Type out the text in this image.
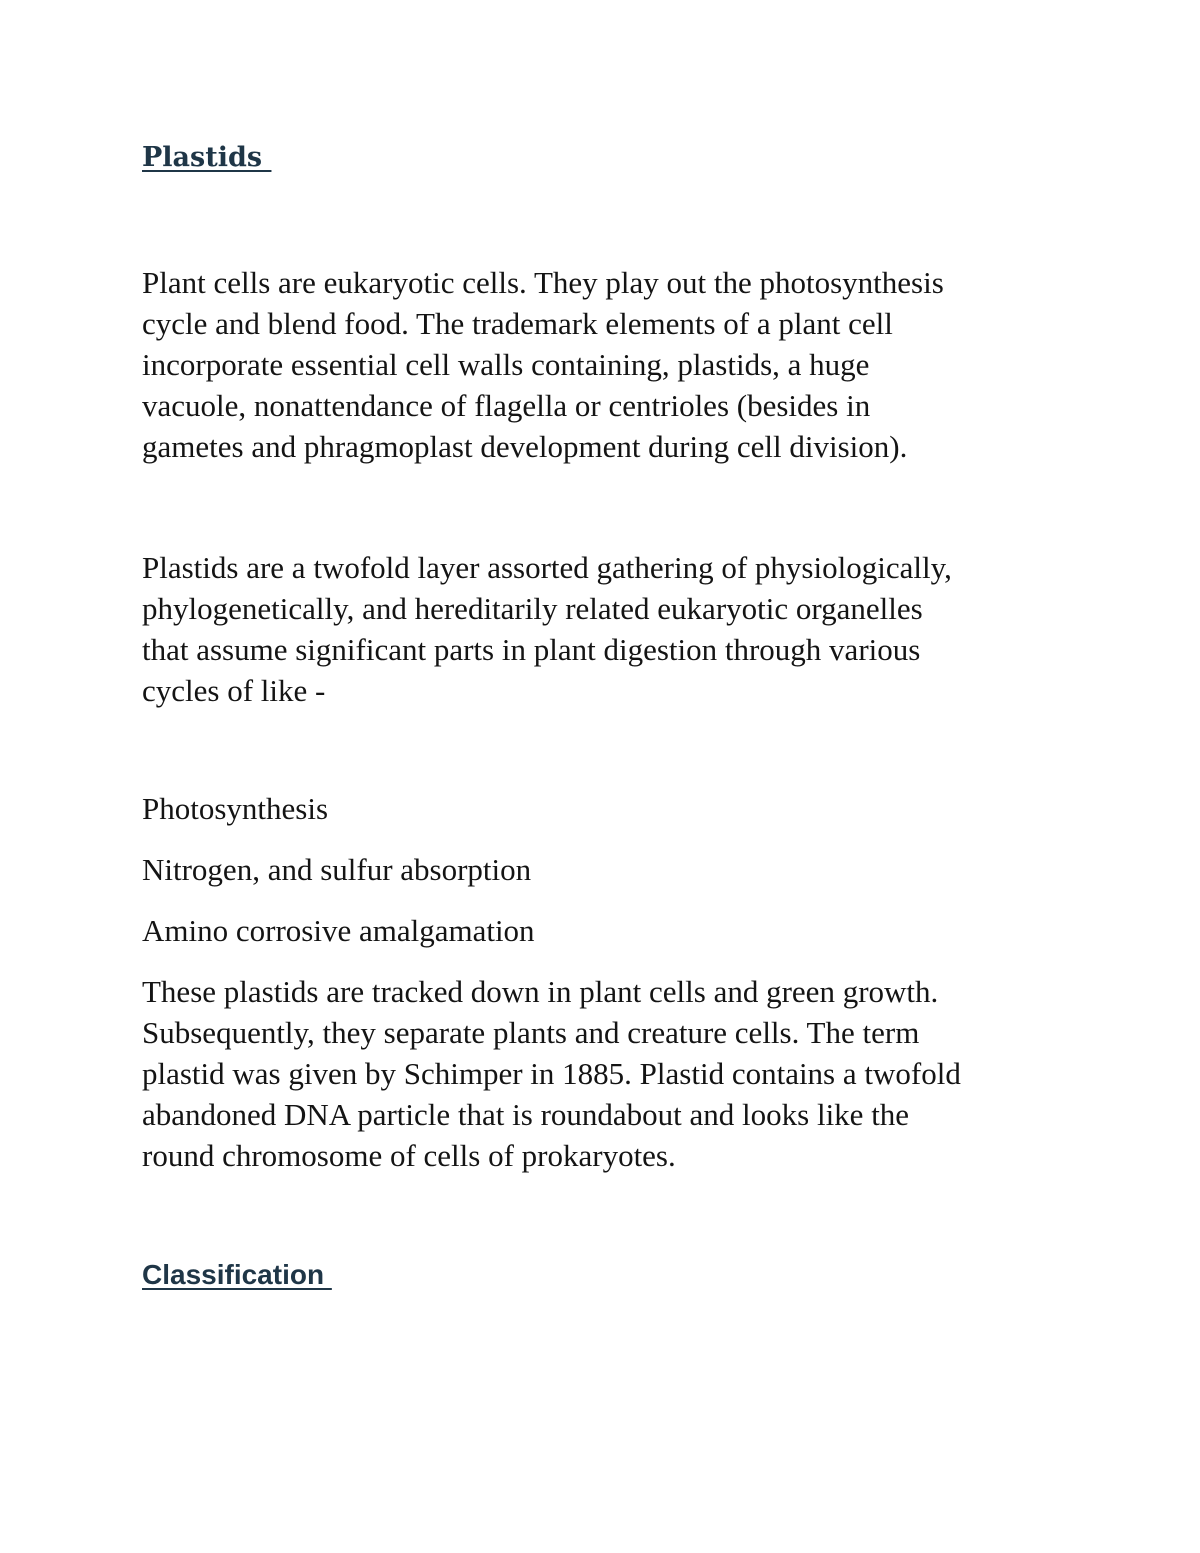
Plastids

Plant cells are eukaryotic cells. They play out the photosynthesis
cycle and blend food. The trademark elements of a plant cell
incorporate essential cell walls containing, plastids, a huge
vacuole, nonattendance of flagella or centrioles (besides in
gametes and phragmoplast development during cell division).

Plastids are a twofold layer assorted gathering of physiologically,
phylogenetically, and hereditarily related eukaryotic organelles
that assume significant parts in plant digestion through various
cycles of like -

Photosynthesis

Nitrogen, and sulfur absorption

Amino corrosive amalgamation

These plastids are tracked down in plant cells and green growth.
Subsequently, they separate plants and creature cells. The term
plastid was given by Schimper in 1885. Plastid contains a twofold
abandoned DNA particle that is roundabout and looks like the
round chromosome of cells of prokaryotes.

Classification
